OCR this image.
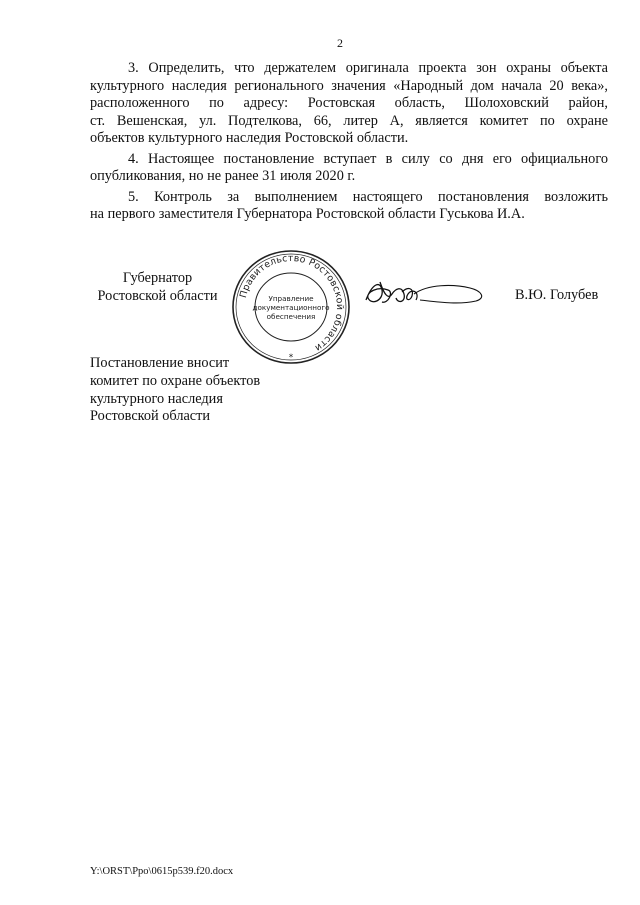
2

3. Определить, что держателем оригинала проекта зон охраны объекта
культурного наследия регионального значения «Народный дом начала 20 века»,
расположенного по адресу: Ростовская область, Шолоховский район,
ст. Вешенская, ул. Подтелкова, 66, литер А, является комитет по охране
объектов культурного наследия Ростовской области.

4. Настоящее постановление вступает в силу со дня его официального
опубликования, но не ранее 31 июля 2020 г.

5. Контроль за выполнением настоящего постановления возложить
на первого заместителя Губернатора Ростовской области Гуськова И.А.

Губернатор
Ростовской области	Правительство Ростовской области
Управление
документационного
обеспечения
*
В.Ю. Голубев
Постановление вносит
комитет по охране объектов
культурного наследия
Ростовской области
Y:\ORST\Ppo\0615p539.f20.docx
